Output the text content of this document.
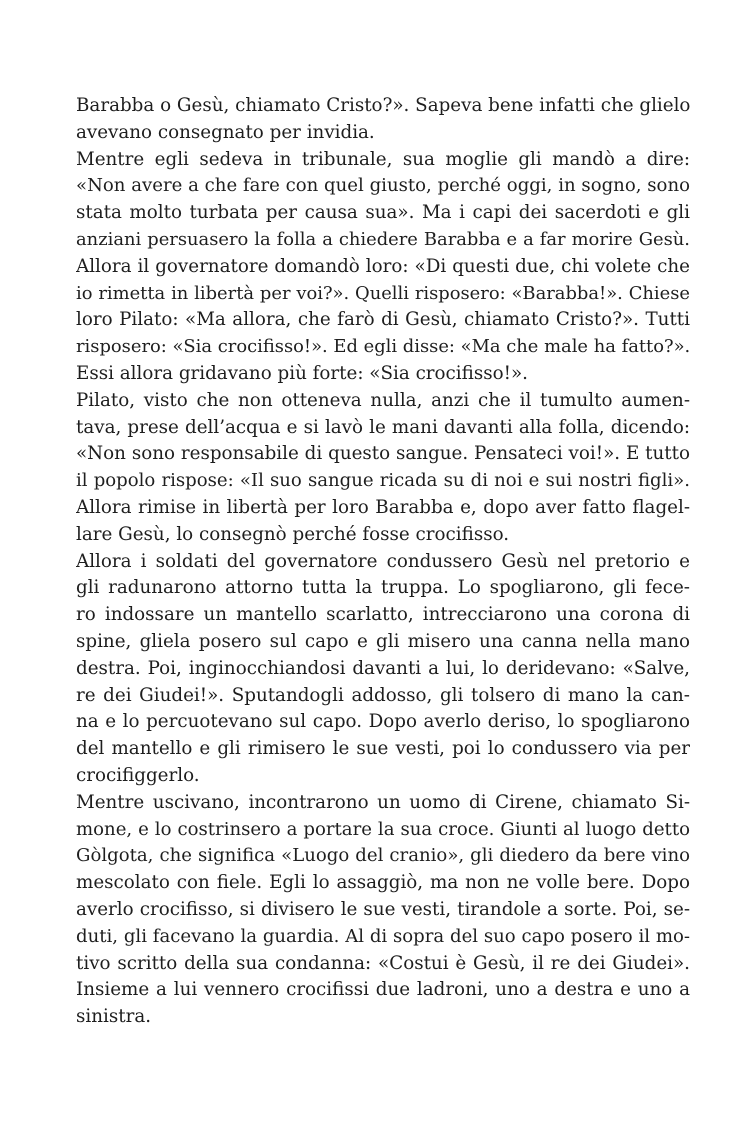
Barabba o Gesù, chiamato Cristo?». Sapeva bene infatti che glielo
avevano consegnato per invidia.
Mentre egli sedeva in tribunale, sua moglie gli mandò a dire:
«Non avere a che fare con quel giusto, perché oggi, in sogno, sono
stata molto turbata per causa sua». Ma i capi dei sacerdoti e gli
anziani persuasero la folla a chiedere Barabba e a far morire Gesù.
Allora il governatore domandò loro: «Di questi due, chi volete che
io rimetta in libertà per voi?». Quelli risposero: «Barabba!». Chiese
loro Pilato: «Ma allora, che farò di Gesù, chiamato Cristo?». Tutti
risposero: «Sia crocifisso!». Ed egli disse: «Ma che male ha fatto?».
Essi allora gridavano più forte: «Sia crocifisso!».
Pilato, visto che non otteneva nulla, anzi che il tumulto aumen-
tava, prese dell’acqua e si lavò le mani davanti alla folla, dicendo:
«Non sono responsabile di questo sangue. Pensateci voi!». E tutto
il popolo rispose: «Il suo sangue ricada su di noi e sui nostri figli».
Allora rimise in libertà per loro Barabba e, dopo aver fatto flagel-
lare Gesù, lo consegnò perché fosse crocifisso.
Allora i soldati del governatore condussero Gesù nel pretorio e
gli radunarono attorno tutta la truppa. Lo spogliarono, gli fece-
ro indossare un mantello scarlatto, intrecciarono una corona di
spine, gliela posero sul capo e gli misero una canna nella mano
destra. Poi, inginocchiandosi davanti a lui, lo deridevano: «Salve,
re dei Giudei!». Sputandogli addosso, gli tolsero di mano la can-
na e lo percuotevano sul capo. Dopo averlo deriso, lo spogliarono
del mantello e gli rimisero le sue vesti, poi lo condussero via per
crocifiggerlo.
Mentre uscivano, incontrarono un uomo di Cirene, chiamato Si-
mone, e lo costrinsero a portare la sua croce. Giunti al luogo detto
Gòlgota, che significa «Luogo del cranio», gli diedero da bere vino
mescolato con fiele. Egli lo assaggiò, ma non ne volle bere. Dopo
averlo crocifisso, si divisero le sue vesti, tirandole a sorte. Poi, se-
duti, gli facevano la guardia. Al di sopra del suo capo posero il mo-
tivo scritto della sua condanna: «Costui è Gesù, il re dei Giudei».
Insieme a lui vennero crocifissi due ladroni, uno a destra e uno a
sinistra.
